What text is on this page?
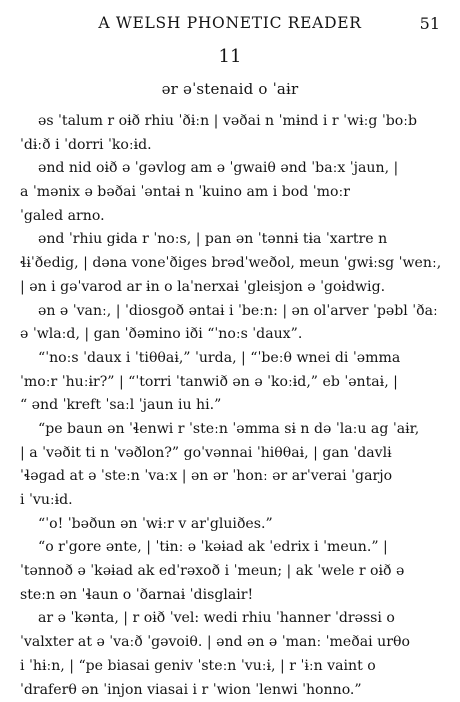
A WELSH PHONETIC READER	51
11
ər əˈstenaid o ˈaɨr
əs ˈtalum r oɨð rhiu ˈðɨːn | vəðai n ˈmɨnd i r ˈwɨːg ˈboːb
ˈdɨːð i ˈdorri ˈkoːɨd.
ənd nid oɨð ə ˈgəvlog am ə ˈgwaiθ ənd ˈbaːx ˈjaun, |
a ˈmənix ə bəðai ˈəntaɨ n ˈkuino am i bod ˈmoːr
ˈgaled arno.
ənd ˈrhiu gɨda r ˈnoːs, | pan ən ˈtənnɨ tɨa ˈxartre n
ɬɨˈðedig, | dəna voneˈðiges brədˈweðol, meun ˈgwɨːsg ˈwenː,
| ən i gəˈvarod ar ɨn o laˈnerxaɨ ˈgleisjon ə ˈgoɨdwig.
ən ə ˈvanː, | ˈdiosgoð əntaɨ i ˈbeːn: | ən olˈarver ˈpəbl ˈðaː
ə ˈwlaːd, | gan ˈðəmino iði “ˈnoːs ˈdaux”.
“ˈnoːs ˈdaux i ˈtiθθaɨ,” ˈurda, | “ˈbeːθ wnei di ˈəmma
ˈmoːr ˈhuːɨr?” | “ˈtorri ˈtanwið ən ə ˈkoːɨd,” eb ˈəntaɨ, |
“ ənd ˈkreft ˈsaːl ˈjaun iu hi.”
“pe baun ən ˈɬenwi r ˈsteːn ˈəmma sɨ n də ˈlaːu ag ˈaɨr,
| a ˈvəðit ti n ˈvəðlon?” goˈvənnai ˈhiθθaɨ, | gan ˈdavlɨ
ˈɬəgad at ə ˈsteːn ˈvaːx | ən ər ˈhonː ər arˈverai ˈgarjo
i ˈvuːɨd.
“ˈo! ˈbəðun ən ˈwɨːr v arˈgluiðes.”
“o rˈgore ənte, | ˈtɨnː ə ˈkəɨad ak ˈedrix i ˈmeun.” |
ˈtənnoð ə ˈkəɨad ak edˈrəxoð i ˈmeun; | ak ˈwele r oɨð ə
steːn ən ˈɬaun o ˈðarnaɨ ˈdisglair!
ar ə ˈkənta, | r oɨð ˈvel: wedi rhiu ˈhanner ˈdrəssi o
ˈvalxter at ə ˈvaːð ˈgəvoiθ. | ənd ən ə ˈmanː ˈmeðai urθo
i ˈhɨːn, | “pe biasai geniv ˈsteːn ˈvuːɨ, | r ˈɨːn vaint o
ˈdraferθ ən ˈinjon viasai i r ˈwion ˈlenwi ˈhonno.”
